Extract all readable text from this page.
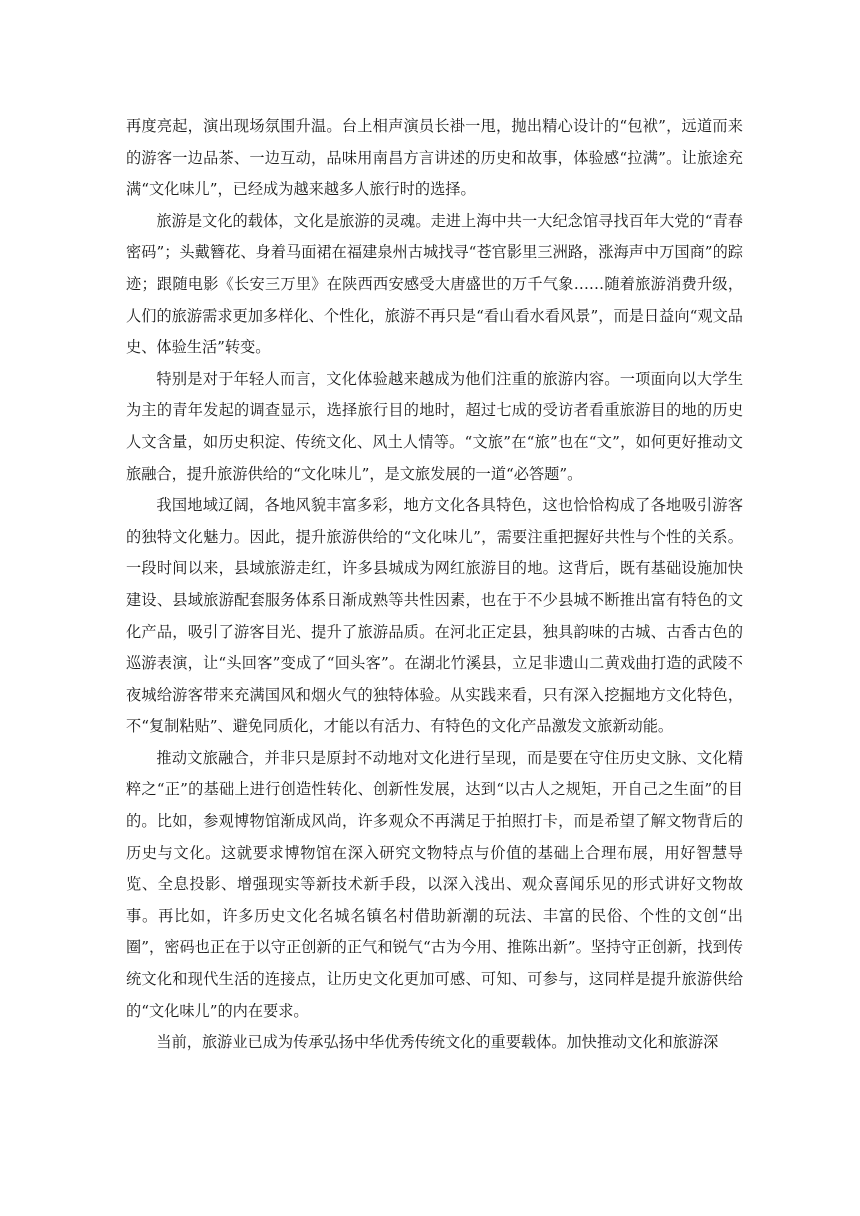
再度亮起，演出现场氛围升温。台上相声演员长褂一甩，抛出精心设计的“包袱”，远道而来的游客一边品茶、一边互动，品味用南昌方言讲述的历史和故事，体验感“拉满”。让旅途充满“文化味儿”，已经成为越来越多人旅行时的选择。

旅游是文化的载体，文化是旅游的灵魂。走进上海中共一大纪念馆寻找百年大党的“青春密码”；头戴簪花、身着马面裙在福建泉州古城找寻“苍官影里三洲路，涨海声中万国商”的踪迹；跟随电影《长安三万里》在陕西西安感受大唐盛世的万千气象……随着旅游消费升级，人们的旅游需求更加多样化、个性化，旅游不再只是“看山看水看风景”，而是日益向“观文品史、体验生活”转变。

特别是对于年轻人而言，文化体验越来越成为他们注重的旅游内容。一项面向以大学生为主的青年发起的调查显示，选择旅行目的地时，超过七成的受访者看重旅游目的地的历史人文含量，如历史积淀、传统文化、风土人情等。“文旅”在“旅”也在“文”，如何更好推动文旅融合，提升旅游供给的“文化味儿”，是文旅发展的一道“必答题”。

我国地域辽阔，各地风貌丰富多彩，地方文化各具特色，这也恰恰构成了各地吸引游客的独特文化魅力。因此，提升旅游供给的“文化味儿”，需要注重把握好共性与个性的关系。一段时间以来，县域旅游走红，许多县城成为网红旅游目的地。这背后，既有基础设施加快建设、县域旅游配套服务体系日渐成熟等共性因素，也在于不少县城不断推出富有特色的文化产品，吸引了游客目光、提升了旅游品质。在河北正定县，独具韵味的古城、古香古色的巡游表演，让“头回客”变成了“回头客”。在湖北竹溪县，立足非遗山二黄戏曲打造的武陵不夜城给游客带来充满国风和烟火气的独特体验。从实践来看，只有深入挖掘地方文化特色，不“复制粘贴”、避免同质化，才能以有活力、有特色的文化产品激发文旅新动能。

推动文旅融合，并非只是原封不动地对文化进行呈现，而是要在守住历史文脉、文化精粹之“正”的基础上进行创造性转化、创新性发展，达到“以古人之规矩，开自己之生面”的目的。比如，参观博物馆渐成风尚，许多观众不再满足于拍照打卡，而是希望了解文物背后的历史与文化。这就要求博物馆在深入研究文物特点与价值的基础上合理布展，用好智慧导览、全息投影、增强现实等新技术新手段，以深入浅出、观众喜闻乐见的形式讲好文物故事。再比如，许多历史文化名城名镇名村借助新潮的玩法、丰富的民俗、个性的文创“出圈”，密码也正在于以守正创新的正气和锐气“古为今用、推陈出新”。坚持守正创新，找到传统文化和现代生活的连接点，让历史文化更加可感、可知、可参与，这同样是提升旅游供给的“文化味儿”的内在要求。

当前，旅游业已成为传承弘扬中华优秀传统文化的重要载体。加快推动文化和旅游深
